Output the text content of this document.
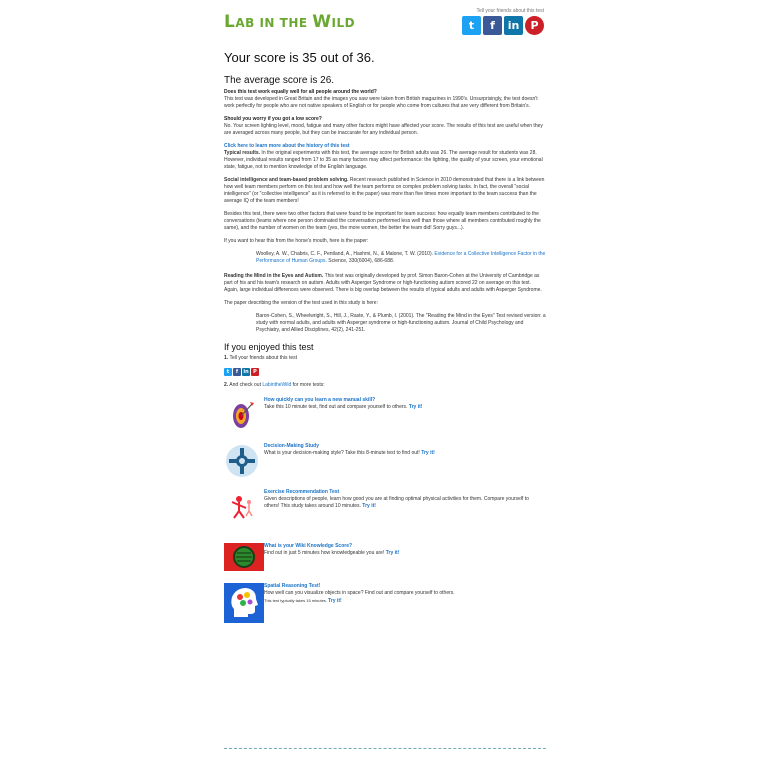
LAB IN THE WILD
Tell your friends about this test
t	f	in	P
Your score is 35 out of 36.
The average score is 26.

Does this test work equally well for all people around the world?

This test was developed in Great Britain and the images you saw were taken from British magazines in 1990's. Unsurprisingly, the test doesn't work perfectly for people who are not native speakers of English or for people who come from cultures that are very different from Britain's.

Should you worry if you got a low score?

No. Your screen lighting level, mood, fatigue and many other factors might have affected your score. The results of this test are useful when they are averaged across many people, but they can be inaccurate for any individual person.

Click here to learn more about the history of this test

Typical results. In the original experiments with this test, the average score for British adults was 26. The average result for students was 28. However, individual results ranged from 17 to 35 as many factors may affect performance: the lighting, the quality of your screen, your emotional state, fatigue, not to mention knowledge of the English language.

Social intelligence and team-based problem solving. Recent research published in Science in 2010 demonstrated that there is a link between how well team members perform on this test and how well the team performs on complex problem solving tasks. In fact, the overall "social intelligence" (or "collective intelligence" as it is referred to in the paper) was more than five times more important to the team success than the average IQ of the team members!

Besides this test, there were two other factors that were found to be important for team success: how equally team members contributed to the conversations (teams where one person dominated the conversation performed less well than those where all members contributed roughly the same), and the number of women on the team (yes, the more women, the better the team did! Sorry guys...).

If you want to hear this from the horse's mouth, here is the paper:

Woolley, A. W., Chabris, C. F., Pentland, A., Hashmi, N., & Malone, T. W. (2010). Evidence for a Collective Intelligence Factor in the Performance of Human Groups. Science, 330(6004), 686-688.

Reading the Mind in the Eyes and Autism. This test was originally developed by prof. Simon Baron-Cohen at the University of Cambridge as part of his and his team's research on autism. Adults with Asperger Syndrome or high-functioning autism scored 22 on average on this test. Again, large individual differences were observed. There is big overlap between the results of typical adults and adults with Asperger Syndrome.

The paper describing the version of the test used in this study is here:

Baron-Cohen, S., Wheelwright, S., Hill, J., Raste, Y., & Plumb, I. (2001). The "Reading the Mind in the Eyes" Test revised version: a study with normal adults, and adults with Asperger syndrome or high-functioning autism. Journal of Child Psychology and Psychiatry, and Allied Disciplines, 42(2), 241-251.

If you enjoyed this test

1. Tell your friends about this test

t	f	in P

2. And check out LabintheWild for more tests:

How quickly can you learn a new manual skill?
Take this 10 minute test, find out and compare yourself to others. Try it!
Decision-Making Study
What is your decision-making style? Take this 8-minute test to find out! Try it!
Exercise Recommendation Test
Given descriptions of people, learn how good you are at finding optimal physical activities for them. Compare yourself to others! This study takes around 10 minutes. Try it!
What is your Wiki Knowledge Score?
Find out in just 5 minutes how knowledgeable you are! Try it!
Spatial Reasoning Test!
How well can you visualize objects in space? Find out and compare yourself to others.
This test typically takes 15 minutes. Try it!
